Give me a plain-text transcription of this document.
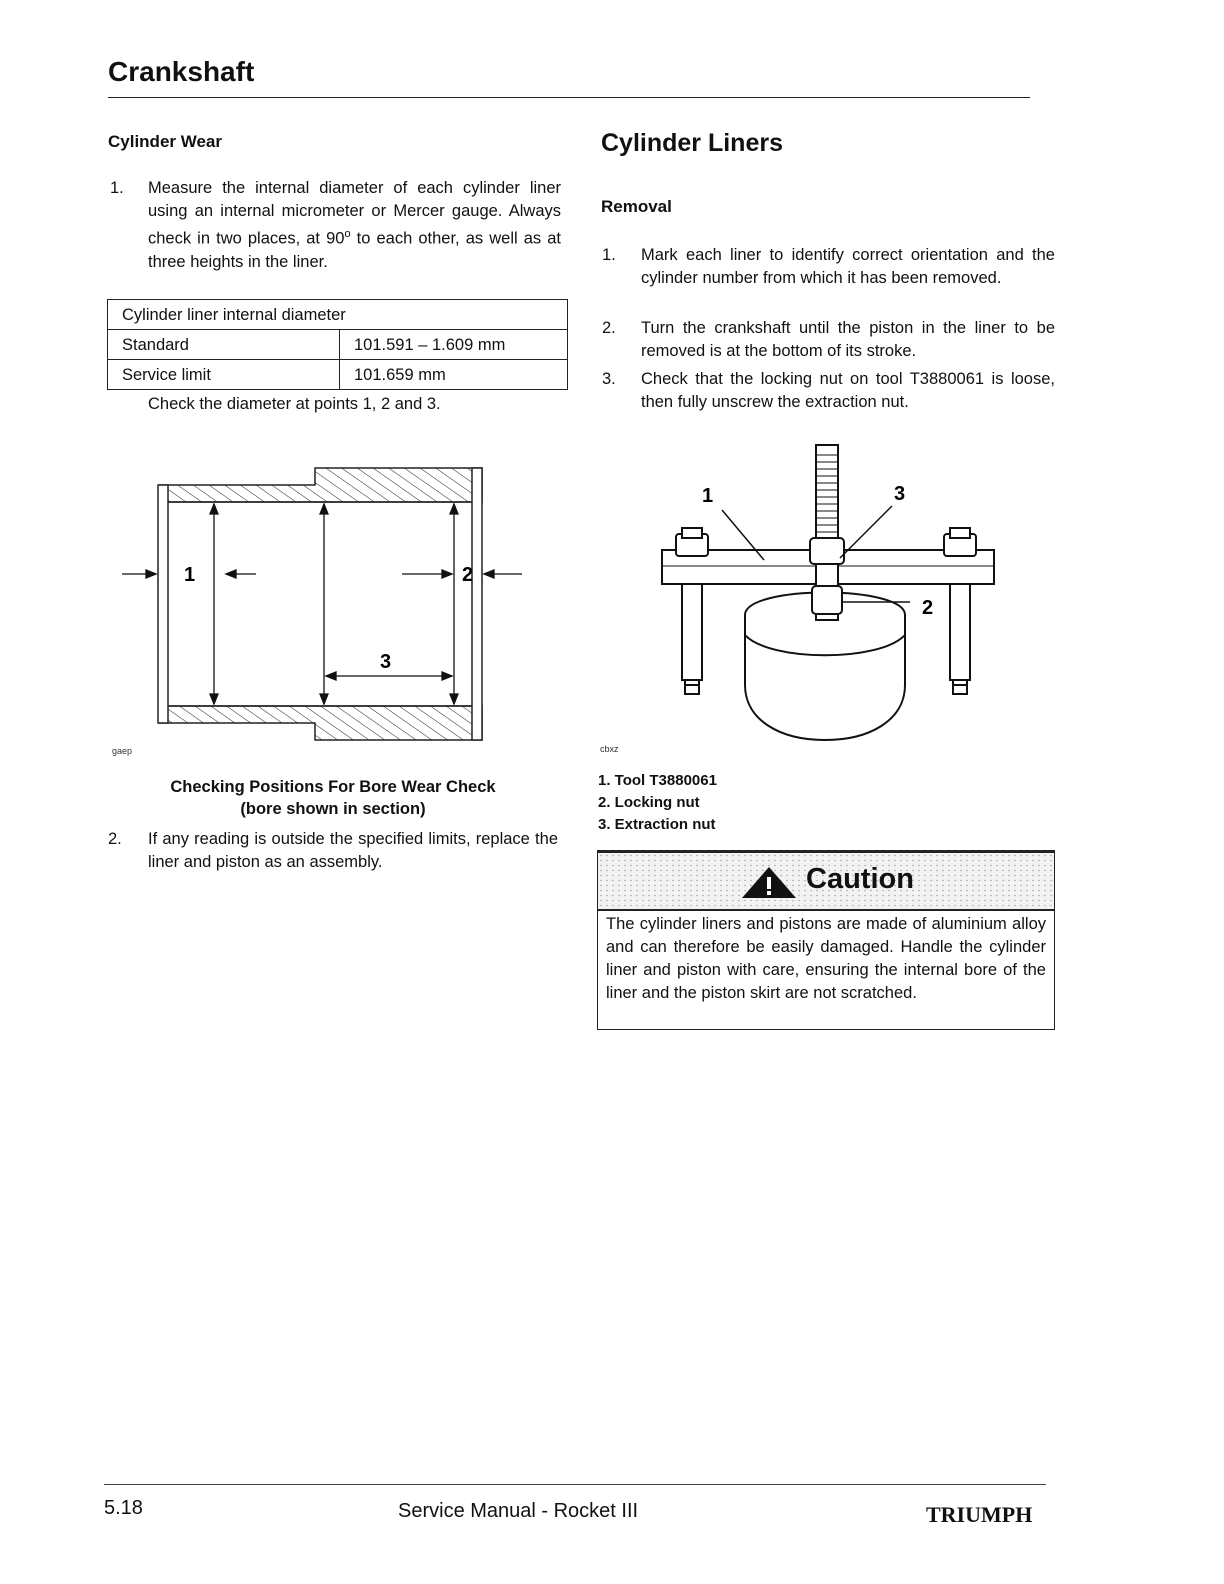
Crankshaft
Cylinder Wear
1. Measure the internal diameter of each cylinder liner using an internal micrometer or Mercer gauge. Always check in two places, at 90$^o$ to each other, as well as at three heights in the liner.

Cylinder liner internal diameter	
Standard	101.591 – 1.609 mm
Service limit	101.659 mm

Check the diameter at points 1, 2 and 3.

1	2
3
gaep
Checking Positions For Bore Wear Check
(bore shown in section)
2. If any reading is outside the specified limits, replace the liner and piston as an assembly.

Cylinder Liners
Removal
1. Mark each liner to identify correct orientation and the cylinder number from which it has been removed.

2. Turn the crankshaft until the piston in the liner to be removed is at the bottom of its stroke.

3. Check that the locking nut on tool T3880061 is loose, then fully unscrew the extraction nut.

1
2
3
cbxz
1. Tool T3880061
2. Locking nut
3. Extraction nut
Caution
The cylinder liners and pistons are made of aluminium alloy and can therefore be easily damaged. Handle the cylinder liner and piston with care, ensuring the internal bore of the liner and the piston skirt are not scratched.
5.18	Service Manual - Rocket III	TRIUMPH
